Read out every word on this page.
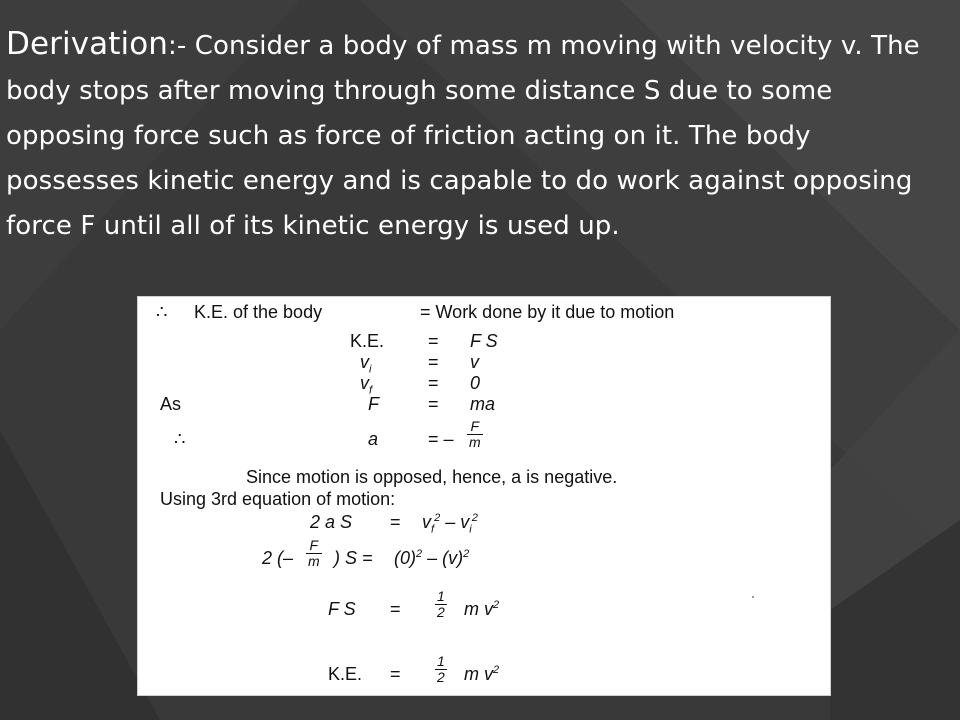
Derivation:- Consider a body of mass m moving with velocity v. The body stops after moving through some distance S due to some opposing force such as force of friction acting on it. The body possesses kinetic energy and is capable to do work against opposing force F until all of its kinetic energy is used up.
∴ K.E. of the body	= Work done by it due to motion
K.E. = F S
$v_i$	= v
$v_f$	= 0
As	F	= ma
∴	a	= – $\frac{F}{m}$
Since motion is opposed, hence, a is negative.
Using 3rd equation of motion:
2 a $S = v_f^2 - v_i^2$
2 (– $\frac{F}{m}$ ) $S = (0)^2 - (v)^2$
F $S = \frac{1}{2}$ m $v^2$
K.E. = $\frac{1}{2}$ m $v^2$
